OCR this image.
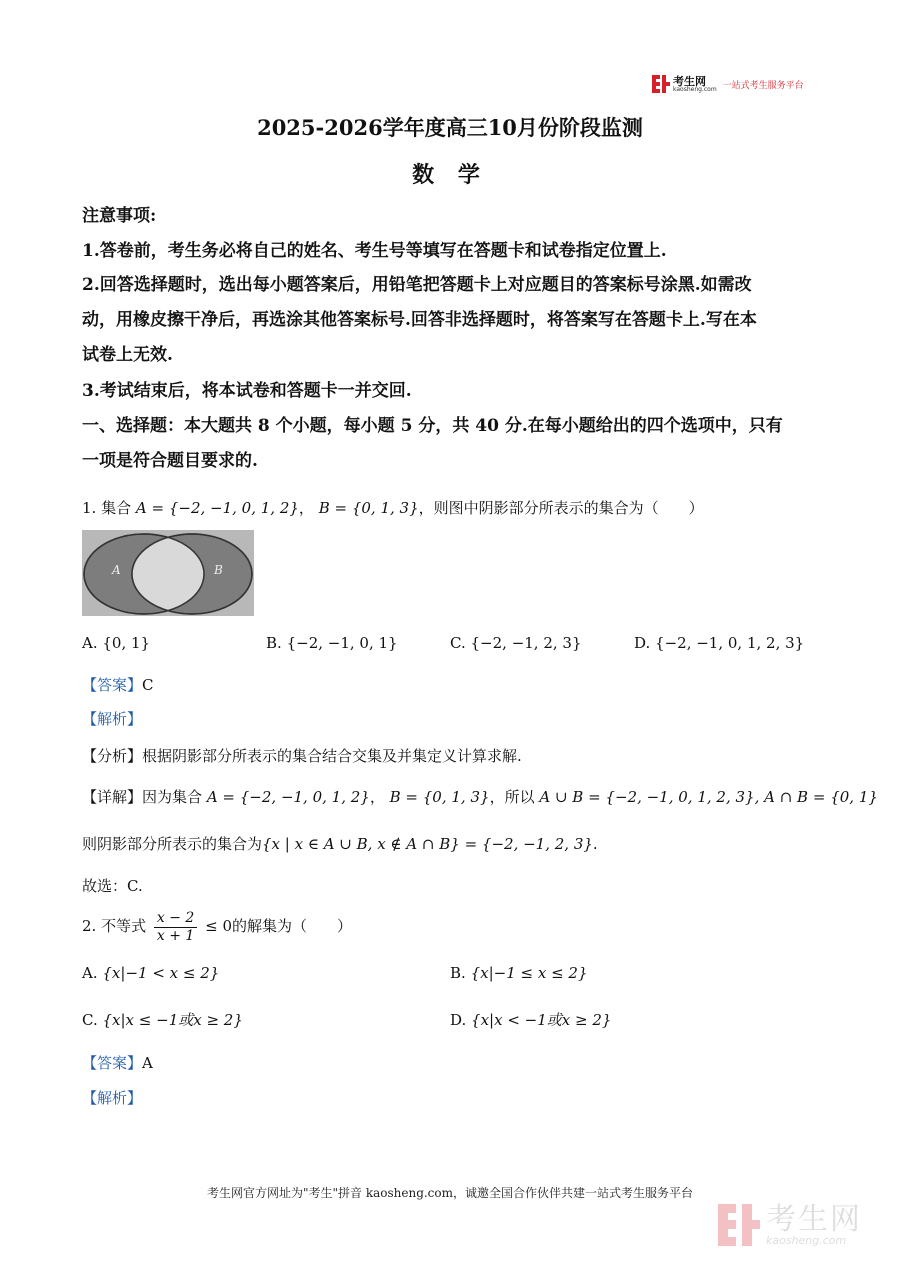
考生网
kaosheng.com 一站式考生服务平台
2025-2026学年度高三10月份阶段监测
数 学
注意事项:
1.答卷前，考生务必将自己的姓名、考生号等填写在答题卡和试卷指定位置上.
2.回答选择题时，选出每小题答案后，用铅笔把答题卡上对应题目的答案标号涂黑.如需改
动，用橡皮擦干净后，再选涂其他答案标号.回答非选择题时，将答案写在答题卡上.写在本
试卷上无效.
3.考试结束后，将本试卷和答题卡一并交回.
一、选择题：本大题共 8 个小题，每小题 5 分，共 40 分.在每小题给出的四个选项中，只有
一项是符合题目要求的.
1. 集合 A = {−2, −1, 0, 1, 2}， B = {0, 1, 3}，则图中阴影部分所表示的集合为（　　）
A	B
A. {0, 1}	B. {−2, −1, 0, 1}	C. {−2, −1, 2, 3}	D. {−2, −1, 0, 1, 2, 3}
【答案】C
【解析】
【分析】根据阴影部分所表示的集合结合交集及并集定义计算求解.
【详解】因为集合 A = {−2, −1, 0, 1, 2}， B = {0, 1, 3}，所以 A ∪ B = {−2, −1, 0, 1, 2, 3}, A ∩ B = {0, 1}
则阴影部分所表示的集合为{x | x ∈ A ∪ B, x ∉ A ∩ B} = {−2, −1, 2, 3}.
故选：C.
2. 不等式 $\frac{x - 2}{x + 1} \le 0$的解集为（　　）
A. {x|−1 < x ≤ 2}	B. {x|−1 ≤ x ≤ 2}
C. {x|x ≤ −1或x ≥ 2}	D. {x|x < −1或x ≥ 2}
【答案】A
【解析】
考生网官方网址为"考生"拼音 kaosheng.com，诚邀全国合作伙伴共建一站式考生服务平台
考生网
kaosheng.com
